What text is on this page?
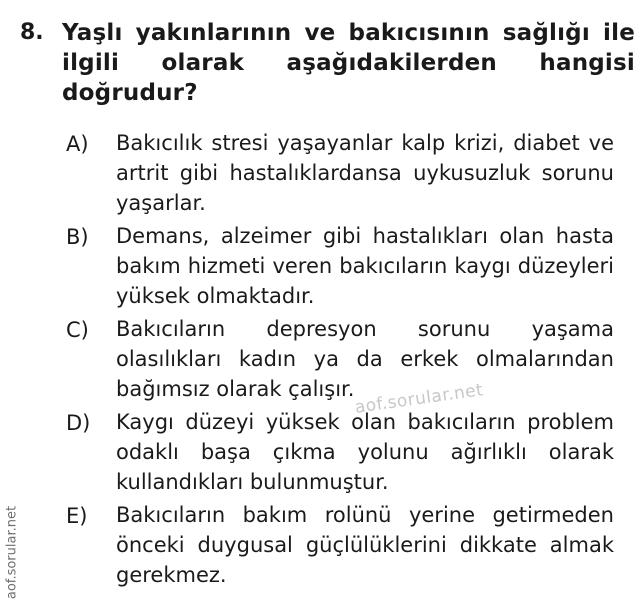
8. Yaşlı yakınlarının ve bakıcısının sağlığı ile ilgili olarak aşağıdakilerden hangisi doğrudur?
A) Bakıcılık stresi yaşayanlar kalp krizi, diabet ve artrit gibi hastalıklardansa uykusuzluk sorunu yaşarlar.
B) Demans, alzeimer gibi hastalıkları olan hasta bakım hizmeti veren bakıcıların kaygı düzeyleri yüksek olmaktadır.
C) Bakıcıların depresyon sorunu yaşama olasılıkları kadın ya da erkek olmalarından bağımsız olarak çalışır.
D) Kaygı düzeyi yüksek olan bakıcıların problem odaklı başa çıkma yolunu ağırlıklı olarak kullandıkları bulunmuştur.
E) Bakıcıların bakım rolünü yerine getirmeden önceki duygusal güçlülüklerini dikkate almak gerekmez.
aof.sorular.net
aof.sorular.net
